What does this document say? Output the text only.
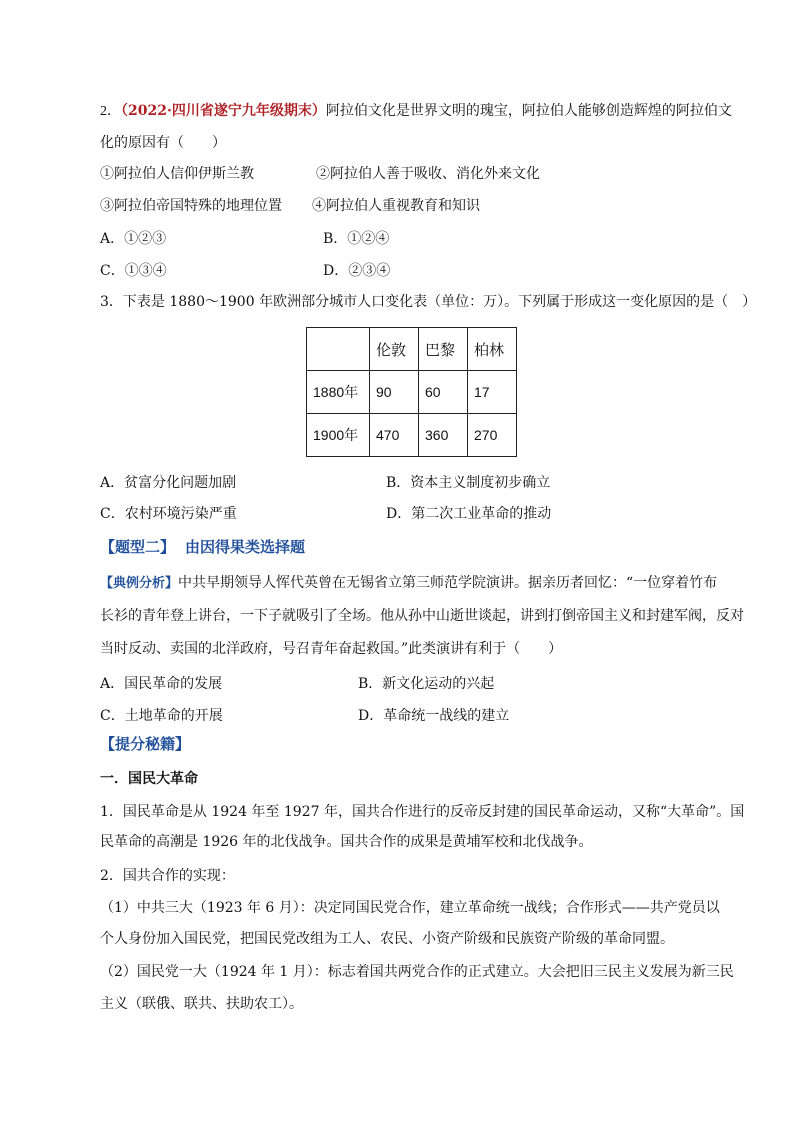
2．（2022·四川省遂宁九年级期末）阿拉伯文化是世界文明的瑰宝，阿拉伯人能够创造辉煌的阿拉伯文
化的原因有（　　）
①阿拉伯人信仰伊斯兰教	②阿拉伯人善于吸收、消化外来文化
③阿拉伯帝国特殊的地理位置 ④阿拉伯人重视教育和知识
A．①②③	B．①②④
C．①③④	D．②③④
3．下表是 1880～1900 年欧洲部分城市人口变化表（单位：万）。下列属于形成这一变化原因的是（　）
	伦敦	巴黎	柏林
1880年	90	60	17
1900年	470	360	270
A．贫富分化问题加剧	B．资本主义制度初步确立
C．农村环境污染严重	D．第二次工业革命的推动
【题型二】 由因得果类选择题
【典例分析】中共早期领导人恽代英曾在无锡省立第三师范学院演讲。据亲历者回忆：“一位穿着竹布
长衫的青年登上讲台，一下子就吸引了全场。他从孙中山逝世谈起，讲到打倒帝国主义和封建军阀，反对
当时反动、卖国的北洋政府，号召青年奋起救国。”此类演讲有利于（　　）
A．国民革命的发展	B．新文化运动的兴起
C．土地革命的开展	D．革命统一战线的建立
【提分秘籍】
一．国民大革命
1．国民革命是从 1924 年至 1927 年，国共合作进行的反帝反封建的国民革命运动，又称“大革命”。国
民革命的高潮是 1926 年的北伐战争。国共合作的成果是黄埔军校和北伐战争。
2．国共合作的实现：
（1）中共三大（1923 年 6 月）：决定同国民党合作，建立革命统一战线；合作形式——共产党员以
个人身份加入国民党，把国民党改组为工人、农民、小资产阶级和民族资产阶级的革命同盟。
（2）国民党一大（1924 年 1 月）：标志着国共两党合作的正式建立。大会把旧三民主义发展为新三民
主义（联俄、联共、扶助农工）。
